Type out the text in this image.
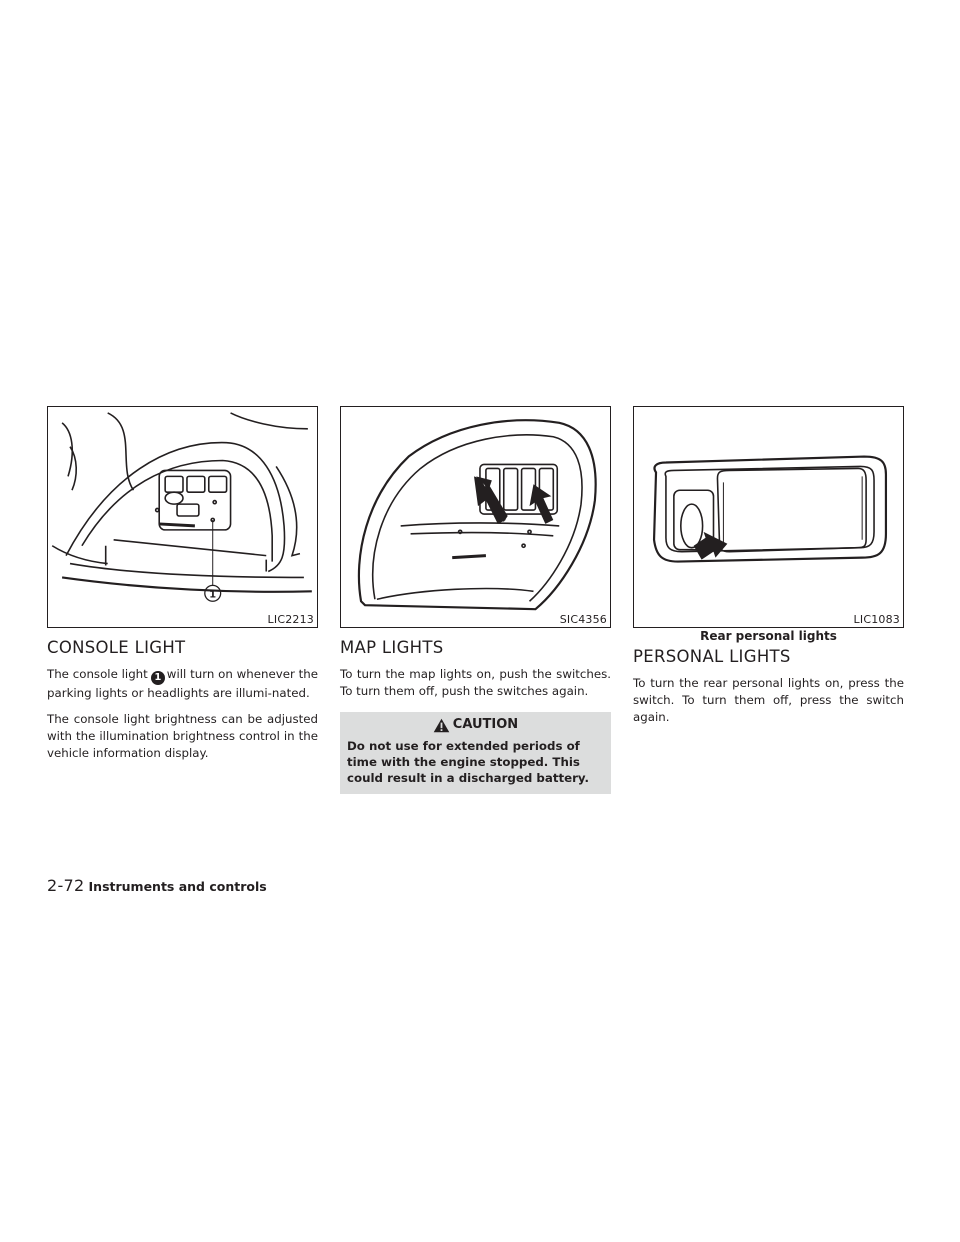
1
LIC2213
CONSOLE LIGHT

The console light 1 will turn on whenever the parking lights or headlights are illumi-nated.

The console light brightness can be adjusted with the illumination brightness control in the vehicle information display.

SIC4356
MAP LIGHTS

To turn the map lights on, push the switches. To turn them off, push the switches again.

CAUTION

Do not use for extended periods of time with the engine stopped. This could result in a discharged battery.

LIC1083
Rear personal lights
PERSONAL LIGHTS

To turn the rear personal lights on, press the switch. To turn them off, press the switch again.

2-72 Instruments and controls
